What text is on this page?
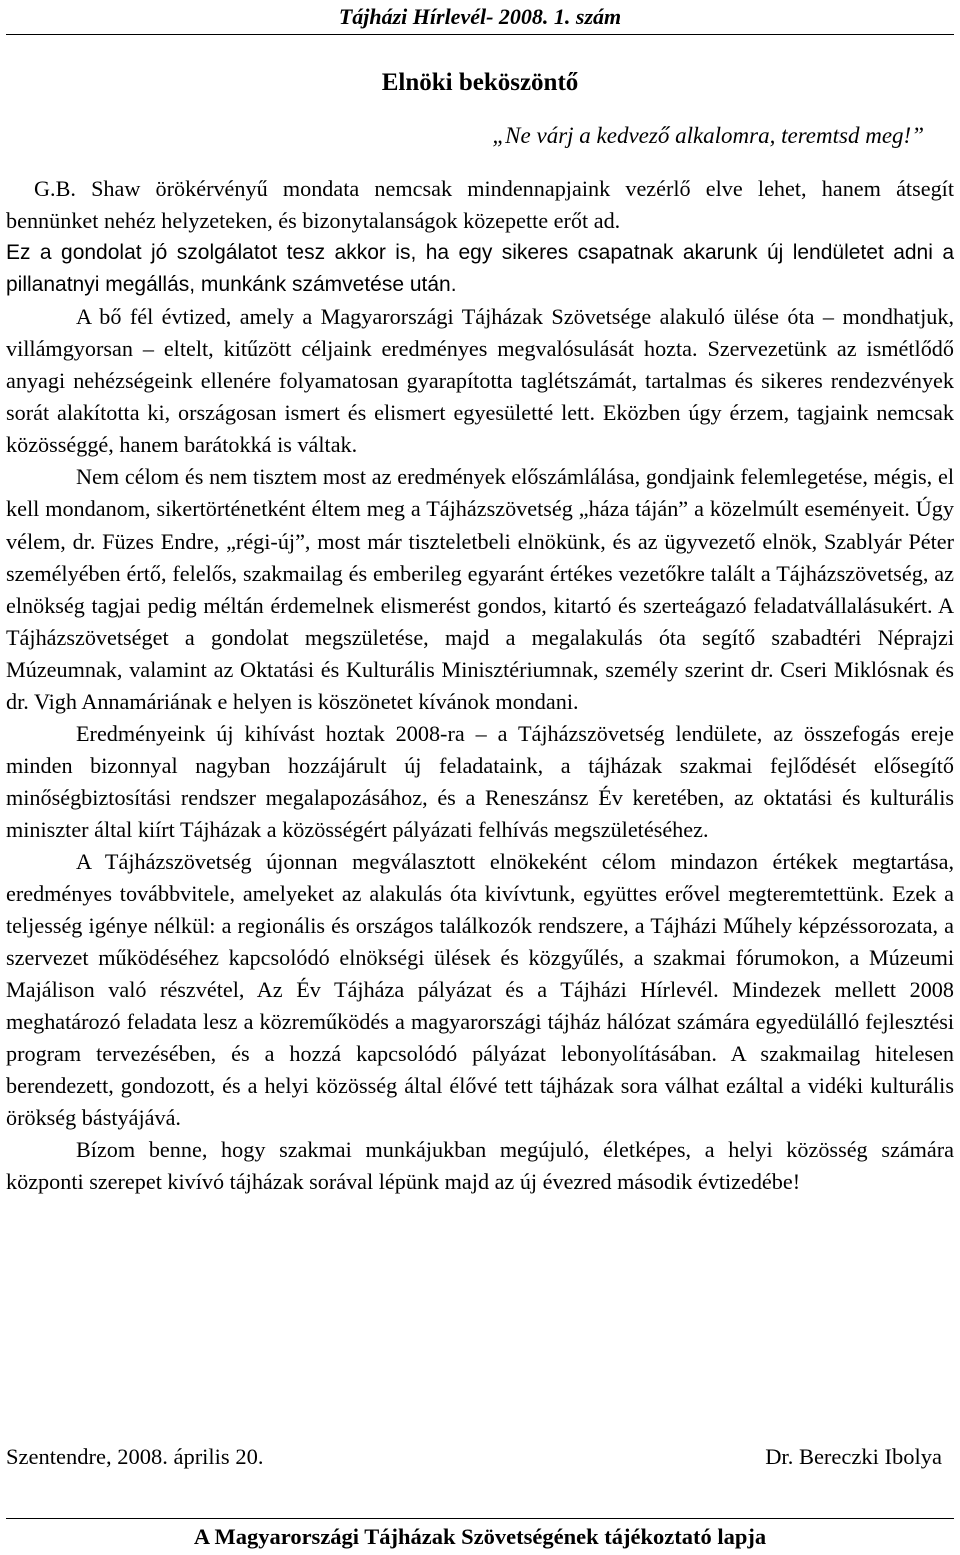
Tájházi Hírlevél- 2008. 1. szám
Elnöki beköszöntő
„Ne várj a kedvező alkalomra, teremtsd meg!”

G.B. Shaw örökérvényű mondata nemcsak mindennapjaink vezérlő elve lehet, hanem átsegít bennünket nehéz helyzeteken, és bizonytalanságok közepette erőt ad.

Ez a gondolat jó szolgálatot tesz akkor is, ha egy sikeres csapatnak akarunk új lendületet adni a pillanatnyi megállás, munkánk számvetése után.

A bő fél évtized, amely a Magyarországi Tájházak Szövetsége alakuló ülése óta – mondhatjuk, villámgyorsan – eltelt, kitűzött céljaink eredményes megvalósulását hozta. Szervezetünk az ismétlődő anyagi nehézségeink ellenére folyamatosan gyarapította taglétszámát, tartalmas és sikeres rendezvények sorát alakította ki, országosan ismert és elismert egyesületté lett. Eközben úgy érzem, tagjaink nemcsak közösséggé, hanem barátokká is váltak.

Nem célom és nem tisztem most az eredmények előszámlálása, gondjaink felemlegetése, mégis, el kell mondanom, sikertörténetként éltem meg a Tájházszövetség „háza táján” a közelmúlt eseményeit. Úgy vélem, dr. Füzes Endre, „régi-új”, most már tiszteletbeli elnökünk, és az ügyvezető elnök, Szablyár Péter személyében értő, felelős, szakmailag és emberileg egyaránt értékes vezetőkre talált a Tájházszövetség, az elnökség tagjai pedig méltán érdemelnek elismerést gondos, kitartó és szerteágazó feladatvállalásukért. A Tájházszövetséget a gondolat megszületése, majd a megalakulás óta segítő szabadtéri Néprajzi Múzeumnak, valamint az Oktatási és Kulturális Minisztériumnak, személy szerint dr. Cseri Miklósnak és dr. Vigh Annamáriának e helyen is köszönetet kívánok mondani.

Eredményeink új kihívást hoztak 2008-ra – a Tájházszövetség lendülete, az összefogás ereje minden bizonnyal nagyban hozzájárult új feladataink, a tájházak szakmai fejlődését elősegítő minőségbiztosítási rendszer megalapozásához, és a Reneszánsz Év keretében, az oktatási és kulturális miniszter által kiírt Tájházak a közösségért pályázati felhívás megszületéséhez.

A Tájházszövetség újonnan megválasztott elnökeként célom mindazon értékek megtartása, eredményes továbbvitele, amelyeket az alakulás óta kivívtunk, együttes erővel megteremtettünk. Ezek a teljesség igénye nélkül: a regionális és országos találkozók rendszere, a Tájházi Műhely képzéssorozata, a szervezet működéséhez kapcsolódó elnökségi ülések és közgyűlés, a szakmai fórumokon, a Múzeumi Majálison való részvétel, Az Év Tájháza pályázat és a Tájházi Hírlevél. Mindezek mellett 2008 meghatározó feladata lesz a közreműködés a magyarországi tájház hálózat számára egyedülálló fejlesztési program tervezésében, és a hozzá kapcsolódó pályázat lebonyolításában. A szakmailag hitelesen berendezett, gondozott, és a helyi közösség által élővé tett tájházak sora válhat ezáltal a vidéki kulturális örökség bástyájává.

Bízom benne, hogy szakmai munkájukban megújuló, életképes, a helyi közösség számára központi szerepet kivívó tájházak sorával lépünk majd az új évezred második évtizedébe!

Szentendre, 2008. április 20.	Dr. Bereczki Ibolya
A Magyarországi Tájházak Szövetségének tájékoztató lapja
